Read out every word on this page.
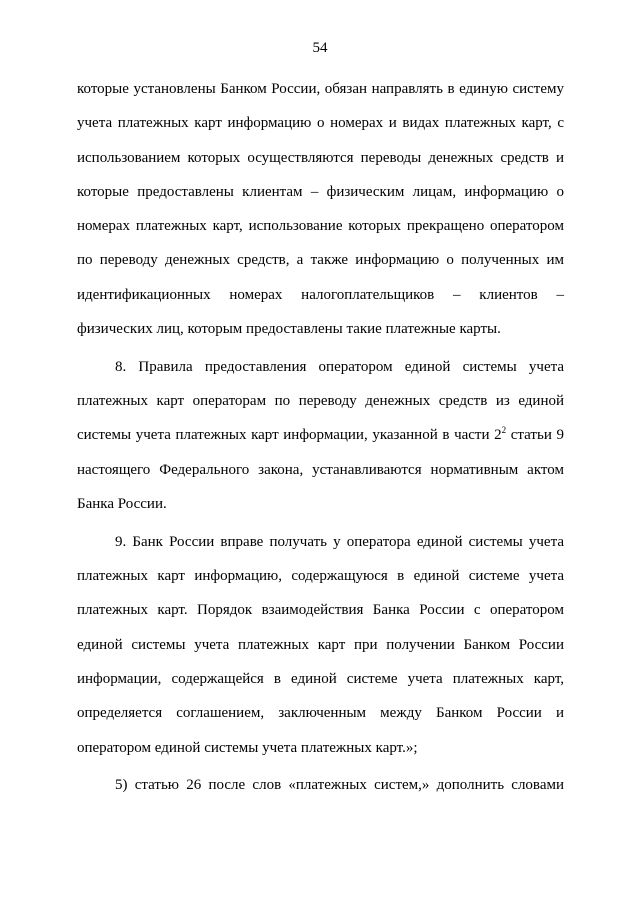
54
которые установлены Банком России, обязан направлять в единую систему
учета платежных карт информацию о номерах и видах платежных карт, с
использованием которых осуществляются переводы денежных средств и
которые предоставлены клиентам – физическим лицам, информацию о
номерах платежных карт, использование которых прекращено оператором
по переводу денежных средств, а также информацию о полученных им
идентификационных номерах налогоплательщиков – клиентов –
физических лиц, которым предоставлены такие платежные карты.
8. Правила предоставления оператором единой системы учета
платежных карт операторам по переводу денежных средств из единой
системы учета платежных карт информации, указанной в части $2^2$ статьи 9
настоящего Федерального закона, устанавливаются нормативным актом
Банка России.
9. Банк России вправе получать у оператора единой системы учета
платежных карт информацию, содержащуюся в единой системе учета
платежных карт. Порядок взаимодействия Банка России с оператором
единой системы учета платежных карт при получении Банком России
информации, содержащейся в единой системе учета платежных карт,
определяется соглашением, заключенным между Банком России и
оператором единой системы учета платежных карт.»;
5) статью 26 после слов «платежных систем,» дополнить словами
